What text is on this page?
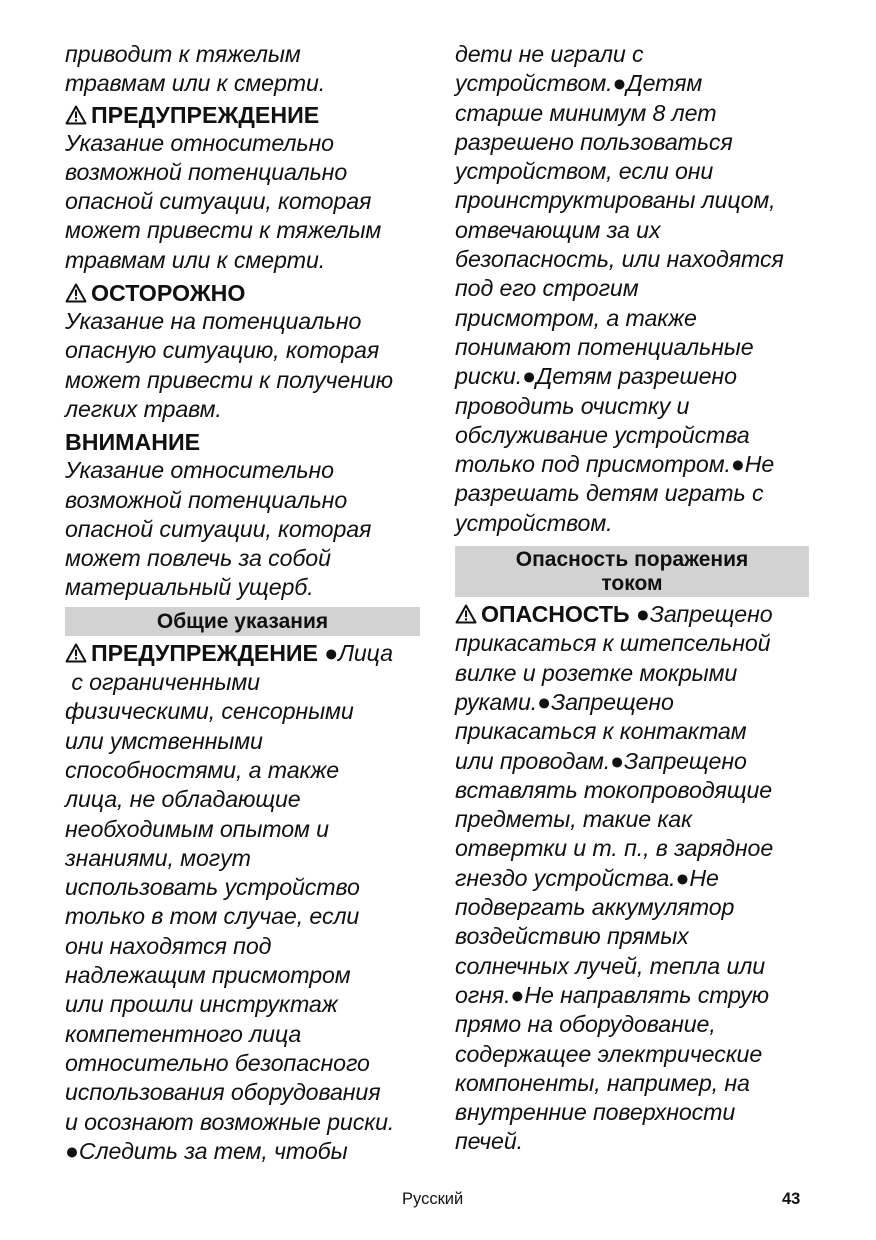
приводит к тяжелым

травмам или к смерти.

ПРЕДУПРЕЖДЕНИЕ

Указание относительно

возможной потенциально

опасной ситуации, которая

может привести к тяжелым

травмам или к смерти.

ОСТОРОЖНО

Указание на потенциально

опасную ситуацию, которая

может привести к получению

легких травм.

ВНИМАНИЕ

Указание относительно

возможной потенциально

опасной ситуации, которая

может повлечь за собой

материальный ущерб.

Общие указания

ПРЕДУПРЕЖДЕНИЕ ●Лица

с ограниченными

физическими, сенсорными

или умственными

способностями, а также

лица, не обладающие

необходимым опытом и

знаниями, могут

использовать устройство

только в том случае, если

они находятся под

надлежащим присмотром

или прошли инструктаж

компетентного лица

относительно безопасного

использования оборудования

и осознают возможные риски.

●Следить за тем, чтобы

дети не играли с

устройством.●Детям

старше минимум 8 лет

разрешено пользоваться

устройством, если они

проинструктированы лицом,

отвечающим за их

безопасность, или находятся

под его строгим

присмотром, а также

понимают потенциальные

риски.●Детям разрешено

проводить очистку и

обслуживание устройства

только под присмотром.●Не

разрешать детям играть с

устройством.

Опасность поражения
током

ОПАСНОСТЬ ●Запрещено

прикасаться к штепсельной

вилке и розетке мокрыми

руками.●Запрещено

прикасаться к контактам

или проводам.●Запрещено

вставлять токопроводящие

предметы, такие как

отвертки и т. п., в зарядное

гнездо устройства.●Не

подвергать аккумулятор

воздействию прямых

солнечных лучей, тепла или

огня.●Не направлять струю

прямо на оборудование,

содержащее электрические

компоненты, например, на

внутренние поверхности

печей.

Русский	43
